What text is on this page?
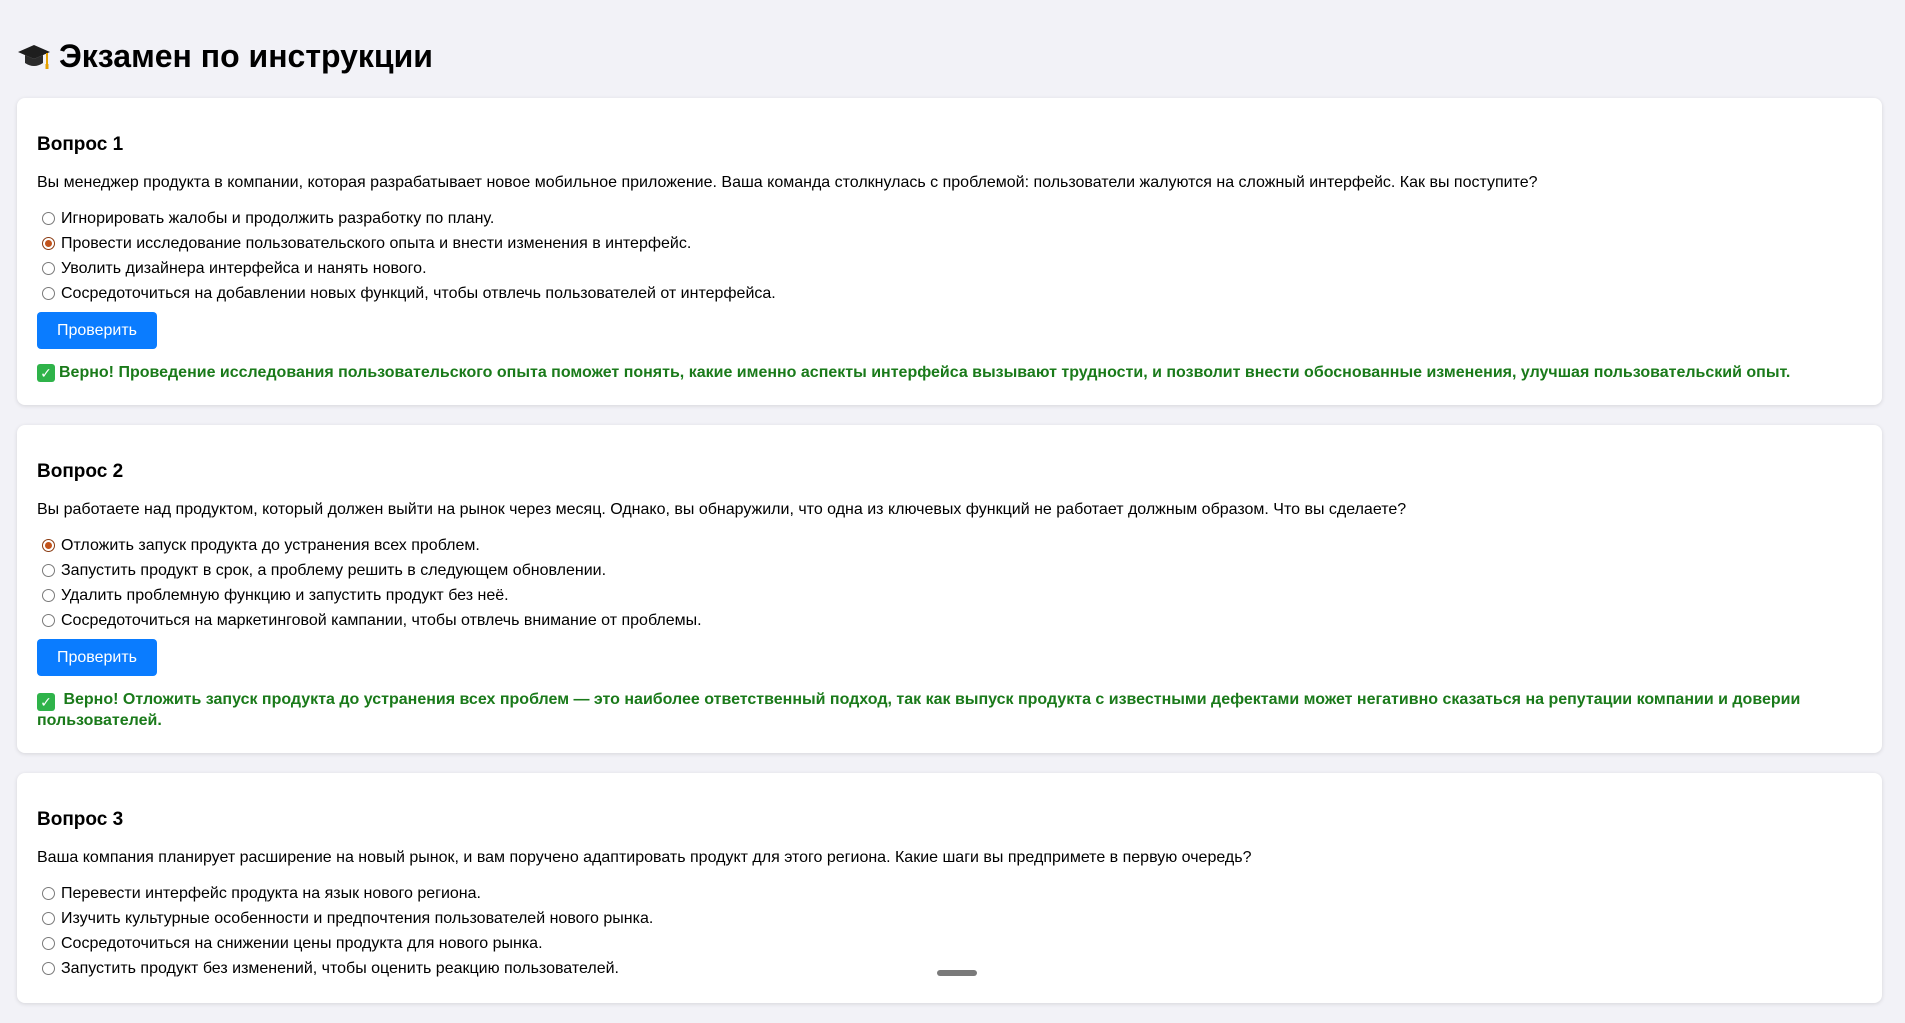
Экзамен по инструкции
Вопрос 1
Вы менеджер продукта в компании, которая разрабатывает новое мобильное приложение. Ваша команда столкнулась с проблемой: пользователи жалуются на сложный интерфейс. Как вы поступите?
Игнорировать жалобы и продолжить разработку по плану.
Провести исследование пользовательского опыта и внести изменения в интерфейс.
Уволить дизайнера интерфейса и нанять нового.
Сосредоточиться на добавлении новых функций, чтобы отвлечь пользователей от интерфейса.
Проверить
✓ Верно! Проведение исследования пользовательского опыта поможет понять, какие именно аспекты интерфейса вызывают трудности, и позволит внести обоснованные изменения, улучшая пользовательский опыт.
Вопрос 2
Вы работаете над продуктом, который должен выйти на рынок через месяц. Однако, вы обнаружили, что одна из ключевых функций не работает должным образом. Что вы сделаете?
Отложить запуск продукта до устранения всех проблем.
Запустить продукт в срок, а проблему решить в следующем обновлении.
Удалить проблемную функцию и запустить продукт без неё.
Сосредоточиться на маркетинговой кампании, чтобы отвлечь внимание от проблемы.
Проверить
✓ Верно! Отложить запуск продукта до устранения всех проблем — это наиболее ответственный подход, так как выпуск продукта с известными дефектами может негативно сказаться на репутации компании и доверии пользователей.
Вопрос 3
Ваша компания планирует расширение на новый рынок, и вам поручено адаптировать продукт для этого региона. Какие шаги вы предпримете в первую очередь?
Перевести интерфейс продукта на язык нового региона.
Изучить культурные особенности и предпочтения пользователей нового рынка.
Сосредоточиться на снижении цены продукта для нового рынка.
Запустить продукт без изменений, чтобы оценить реакцию пользователей.
